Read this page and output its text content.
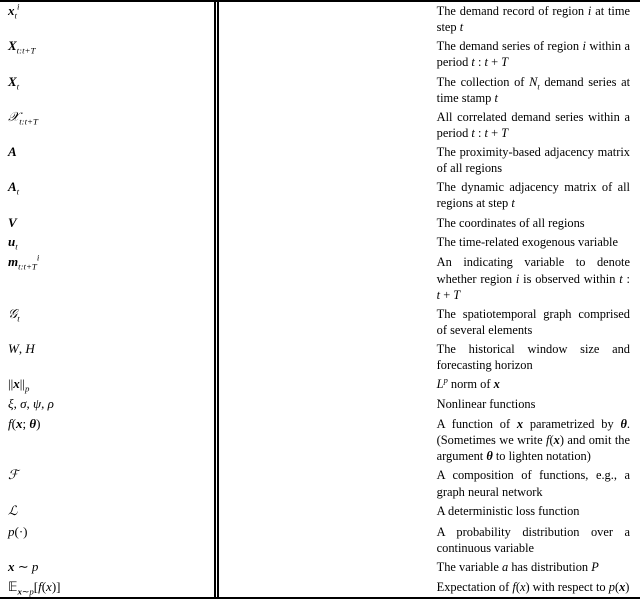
$x_t^i$		The demand record of region i at time step t
$X_{t:t+T}$		The demand series of region i within a period t : t + T
$X_t$		The collection of $N_t$ demand series at time stamp t
𝒳$_{t:t+T}$		All correlated demand series within a period t : t + T
A		The proximity-based adjacency matrix of all regions
$A_t$		The dynamic adjacency matrix of all regions at step t
V		The coordinates of all regions
$u_t$		The time-related exogenous variable
$m_{t:t+T}^i$		An indicating variable to denote whether region i is observed within t : t + T
𝒢$_t$		The spatiotemporal graph comprised of several elements
W, H		The historical window size and forecasting horizon
$||x||_p$		$L^p$ norm of x
ξ, σ, ψ, ρ		Nonlinear functions
f(x; θ)		A function of x parametrized by θ. (Sometimes we write f(x) and omit the argument θ to lighten notation)
ℱ		A composition of functions, e.g., a graph neural network
ℒ		A deterministic loss function
p(·)		A probability distribution over a continuous variable
x ∼ p		The variable a has distribution P
𝔼$_{x\sim p}$[f(x)]		Expectation of f(x) with respect to p(x)
